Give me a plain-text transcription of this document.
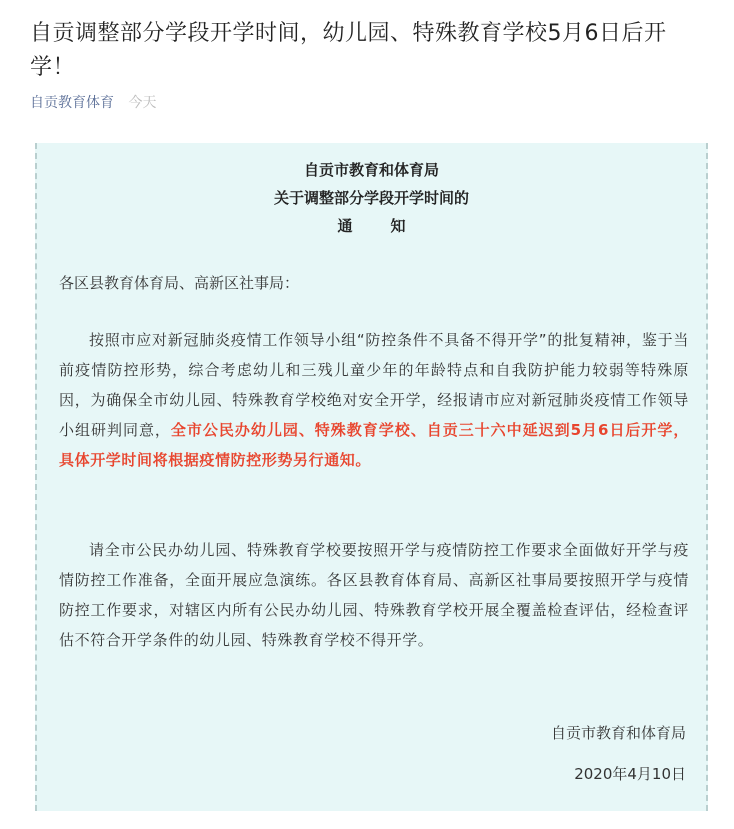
自贡调整部分学段开学时间，幼儿园、特殊教育学校5月6日后开学！
自贡教育体育 今天
自贡市教育和体育局
关于调整部分学段开学时间的
通知
各区县教育体育局、高新区社事局：

按照市应对新冠肺炎疫情工作领导小组“防控条件不具备不得开学”的批复精神，鉴于当前疫情防控形势，综合考虑幼儿和三残儿童少年的年龄特点和自我防护能力较弱等特殊原因，为确保全市幼儿园、特殊教育学校绝对安全开学，经报请市应对新冠肺炎疫情工作领导小组研判同意，全市公民办幼儿园、特殊教育学校、自贡三十六中延迟到5月6日后开学，具体开学时间将根据疫情防控形势另行通知。

请全市公民办幼儿园、特殊教育学校要按照开学与疫情防控工作要求全面做好开学与疫情防控工作准备，全面开展应急演练。各区县教育体育局、高新区社事局要按照开学与疫情防控工作要求，对辖区内所有公民办幼儿园、特殊教育学校开展全覆盖检查评估，经检查评估不符合开学条件的幼儿园、特殊教育学校不得开学。

自贡市教育和体育局
2020年4月10日
